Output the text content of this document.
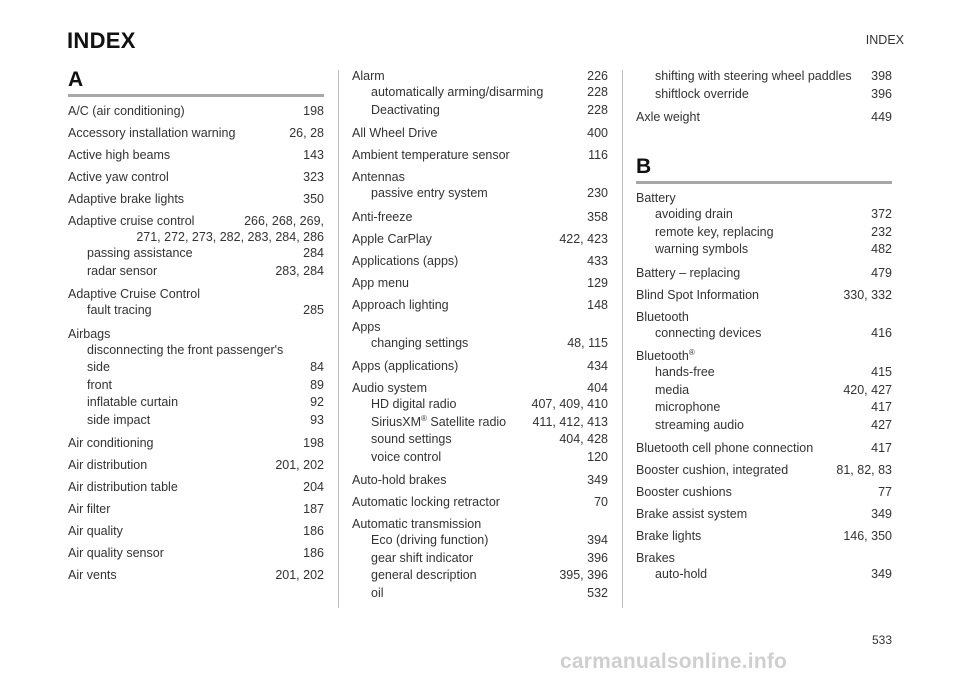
INDEX	INDEX
A
A/C (air conditioning)	198
Accessory installation warning	26, 28
Active high beams	143
Active yaw control	323
Adaptive brake lights	350
Adaptive cruise control	266, 268, 269,
271, 272, 273, 282, 283, 284, 286
passing assistance	284
radar sensor	283, 284
Adaptive Cruise Control
fault tracing	285
Airbags
disconnecting the front passenger's
side	84
front	89
inflatable curtain	92
side impact	93
Air conditioning	198
Air distribution	201, 202
Air distribution table	204
Air filter	187
Air quality	186
Air quality sensor	186
Air vents	201, 202
Alarm	226
automatically arming/disarming	228
Deactivating	228
All Wheel Drive	400
Ambient temperature sensor	116
Antennas
passive entry system	230
Anti-freeze	358
Apple CarPlay	422, 423
Applications (apps)	433
App menu	129
Approach lighting	148
Apps
changing settings	48, 115
Apps (applications)	434
Audio system	404
HD digital radio	407, 409, 410
SiriusXM® Satellite radio	411, 412, 413
sound settings	404, 428
voice control	120
Auto-hold brakes	349
Automatic locking retractor	70
Automatic transmission
Eco (driving function)	394
gear shift indicator	396
general description	395, 396
oil	532
shifting with steering wheel paddles	398
shiftlock override	396
Axle weight	449
B
Battery
avoiding drain	372
remote key, replacing	232
warning symbols	482
Battery – replacing	479
Blind Spot Information	330, 332
Bluetooth
connecting devices	416
Bluetooth®
hands-free	415
media	420, 427
microphone	417
streaming audio	427
Bluetooth cell phone connection	417
Booster cushion, integrated	81, 82, 83
Booster cushions	77
Brake assist system	349
Brake lights	146, 350
Brakes
auto-hold	349
533
carmanualsonline.info
